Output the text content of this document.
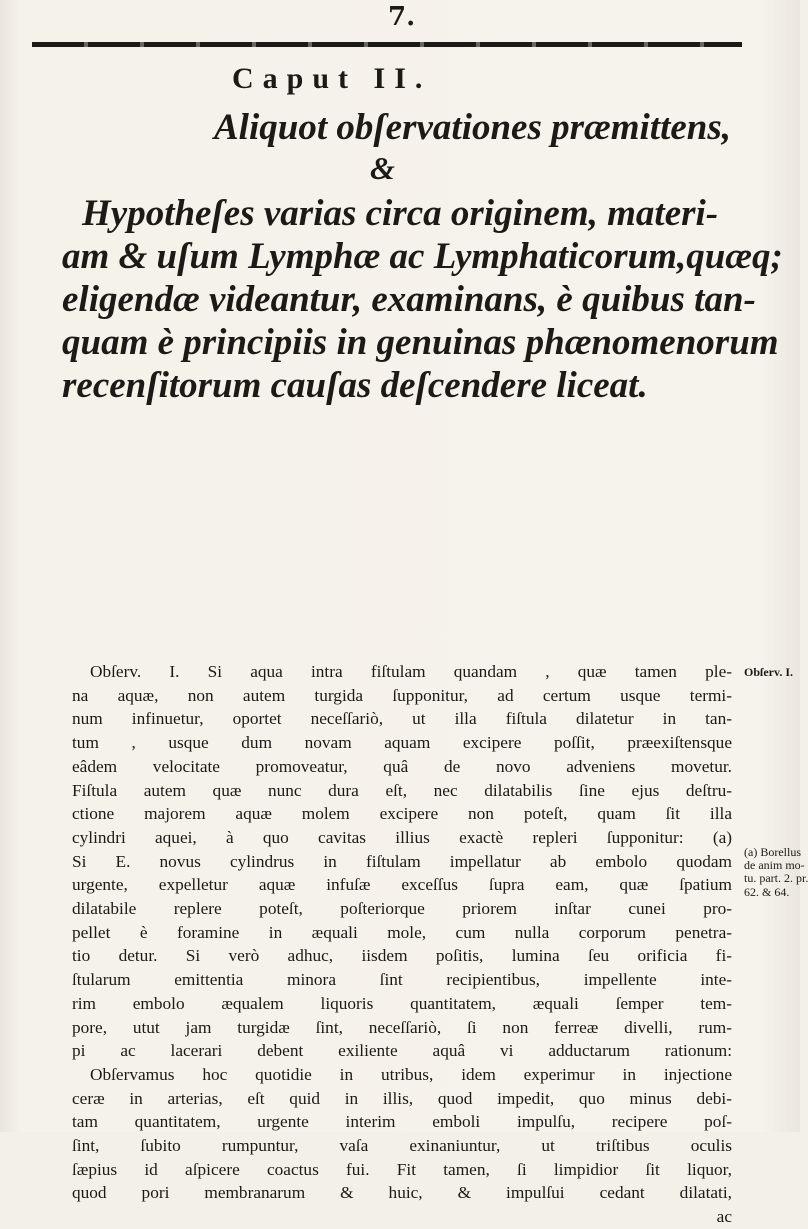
7.
Caput II.
Aliquot obſervationes præmittens,
&
Hypotheſes varias circa originem, materi-
am & uſum Lymphæ ac Lymphaticorum,quæq;
eligendæ videantur, examinans, è quibus tan-
quam è principiis in genuinas phænomenorum
recenſitorum cauſas deſcendere liceat.
Obſerv. I. Si aqua intra fiſtulam quandam , quæ tamen ple-
na aquæ, non autem turgida ſupponitur, ad certum usque termi-
num infinuetur, oportet neceſſariò, ut illa fiſtula dilatetur in tan-
tum , usque dum novam aquam excipere poſſit, præexiſtensque
eâdem velocitate promoveatur, quâ de novo adveniens movetur.
Fiſtula autem quæ nunc dura eſt, nec dilatabilis ſine ejus deſtru-
ctione majorem aquæ molem excipere non poteſt, quam ſit illa
cylindri aquei, à quo cavitas illius exactè repleri ſupponitur: (a)
Si E. novus cylindrus in fiſtulam impellatur ab embolo quodam
urgente, expelletur aquæ infuſæ exceſſus ſupra eam, quæ ſpatium
dilatabile replere poteſt, poſteriorque priorem inſtar cunei pro-
pellet è foramine in æquali mole, cum nulla corporum penetra-
tio detur. Si verò adhuc, iisdem poſitis, lumina ſeu orificia fi-
ſtularum emittentia minora ſint recipientibus, impellente inte-
rim embolo æqualem liquoris quantitatem, æquali ſemper tem-
pore, utut jam turgidæ ſint, neceſſariò, ſi non ferreæ divelli, rum-
pi ac lacerari debent exiliente aquâ vi adductarum rationum:
Obſervamus hoc quotidie in utribus, idem experimur in injectione
ceræ in arterias, eſt quid in illis, quod impedit, quo minus debi-
tam quantitatem, urgente interim emboli impulſu, recipere poſ-
ſint, ſubito rumpuntur, vaſa exinaniuntur, ut triſtibus oculis
ſæpius id aſpicere coactus fui. Fit tamen, ſi limpidior ſit liquor,
quod pori membranarum & huic, & impulſui cedant dilatati,
ac
Obſerv. I.
(a) Borellus
de anim mo-
tu. part. 2. pr.
62. & 64.
